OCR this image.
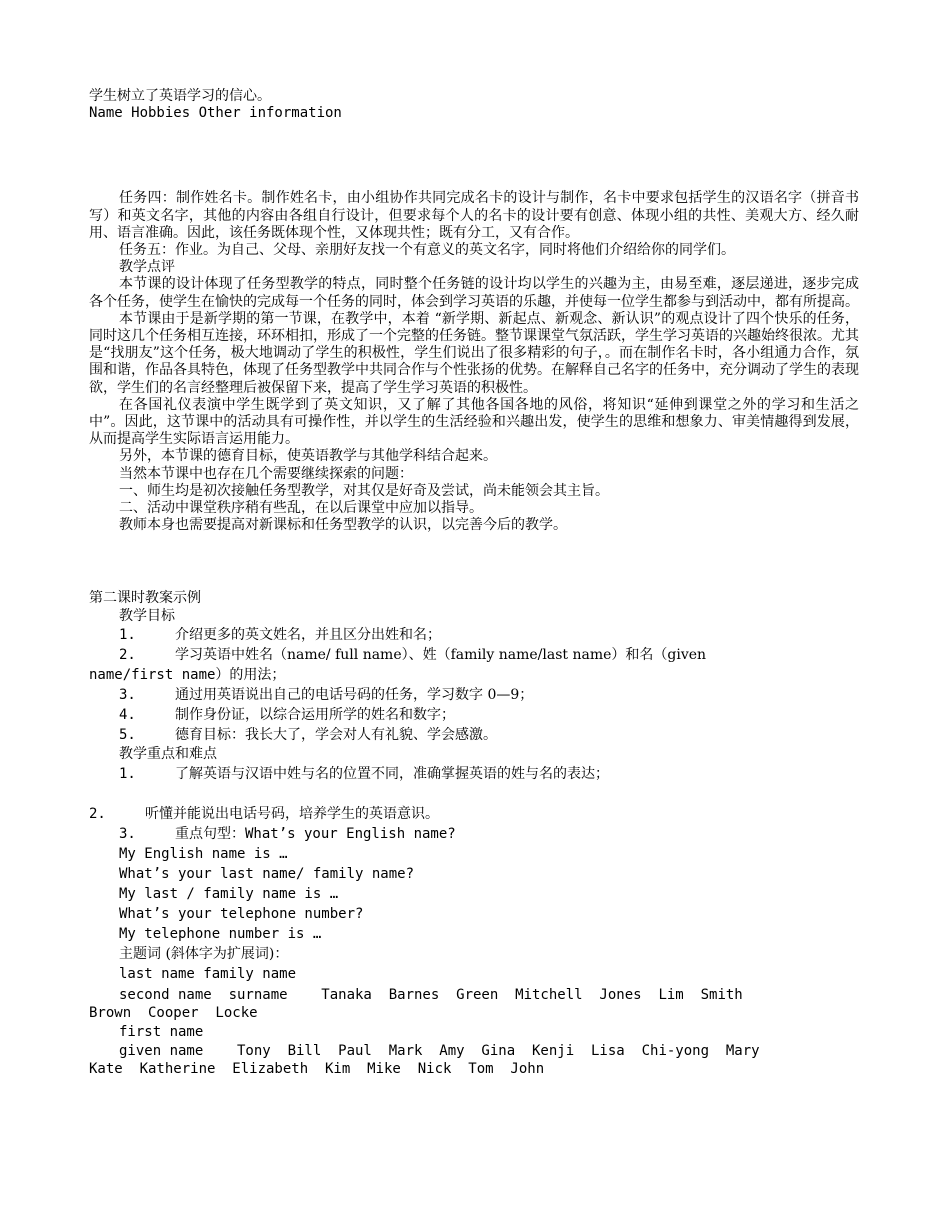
学生树立了英语学习的信心。
Name Hobbies Other information
任务四：制作姓名卡。制作姓名卡，由小组协作共同完成名卡的设计与制作，名卡中要求包括学生的汉语名字（拼音书写）和英文名字，其他的内容由各组自行设计，但要求每个人的名卡的设计要有创意、体现小组的共性、美观大方、经久耐用、语言准确。因此，该任务既体现个性，又体现共性；既有分工，又有合作。
任务五：作业。为自己、父母、亲朋好友找一个有意义的英文名字，同时将他们介绍给你的同学们。
教学点评
本节课的设计体现了任务型教学的特点，同时整个任务链的设计均以学生的兴趣为主，由易至难，逐层递进，逐步完成各个任务，使学生在愉快的完成每一个任务的同时，体会到学习英语的乐趣，并使每一位学生都参与到活动中，都有所提高。
本节课由于是新学期的第一节课，在教学中，本着 “新学期、新起点、新观念、新认识”的观点设计了四个快乐的任务，同时这几个任务相互连接，环环相扣，形成了一个完整的任务链。整节课课堂气氛活跃，学生学习英语的兴趣始终很浓。尤其是“找朋友”这个任务，极大地调动了学生的积极性，学生们说出了很多精彩的句子，。而在制作名卡时，各小组通力合作，氛围和谐，作品各具特色，体现了任务型教学中共同合作与个性张扬的优势。在解释自己名字的任务中，充分调动了学生的表现欲，学生们的名言经整理后被保留下来，提高了学生学习英语的积极性。
在各国礼仪表演中学生既学到了英文知识，又了解了其他各国各地的风俗，将知识“延伸到课堂之外的学习和生活之中”。因此，这节课中的活动具有可操作性，并以学生的生活经验和兴趣出发，使学生的思维和想象力、审美情趣得到发展，从而提高学生实际语言运用能力。
另外，本节课的德育目标，使英语教学与其他学科结合起来。
当然本节课中也存在几个需要继续探索的问题：
一、师生均是初次接触任务型教学，对其仅是好奇及尝试，尚未能领会其主旨。
二、活动中课堂秩序稍有些乱，在以后课堂中应加以指导。
教师本身也需要提高对新课标和任务型教学的认识，以完善今后的教学。
第二课时教案示例
教学目标
1.	介绍更多的英文姓名，并且区分出姓和名；
2.	学习英语中姓名（name/ full name）、姓（family name/last name）和名（given
name/first name）的用法；
3.	通过用英语说出自己的电话号码的任务，学习数字 0—9；
4.	制作身份证，以综合运用所学的姓名和数字；
5.	德育目标：我长大了，学会对人有礼貌、学会感激。
教学重点和难点
1.	了解英语与汉语中姓与名的位置不同，准确掌握英语的姓与名的表达；
2.	听懂并能说出电话号码，培养学生的英语意识。
3.	重点句型：What’s your English name?
My English name is …
What’s your last name/ family name?
My last / family name is …
What’s your telephone number?
My telephone number is …
主题词 (斜体字为扩展词)：
last name family name
second name  surname    Tanaka  Barnes  Green  Mitchell  Jones  Lim  Smith
Brown  Cooper  Locke
first name
given name    Tony  Bill  Paul  Mark  Amy  Gina  Kenji  Lisa  Chi-yong  Mary
Kate  Katherine  Elizabeth  Kim  Mike  Nick  Tom  John
